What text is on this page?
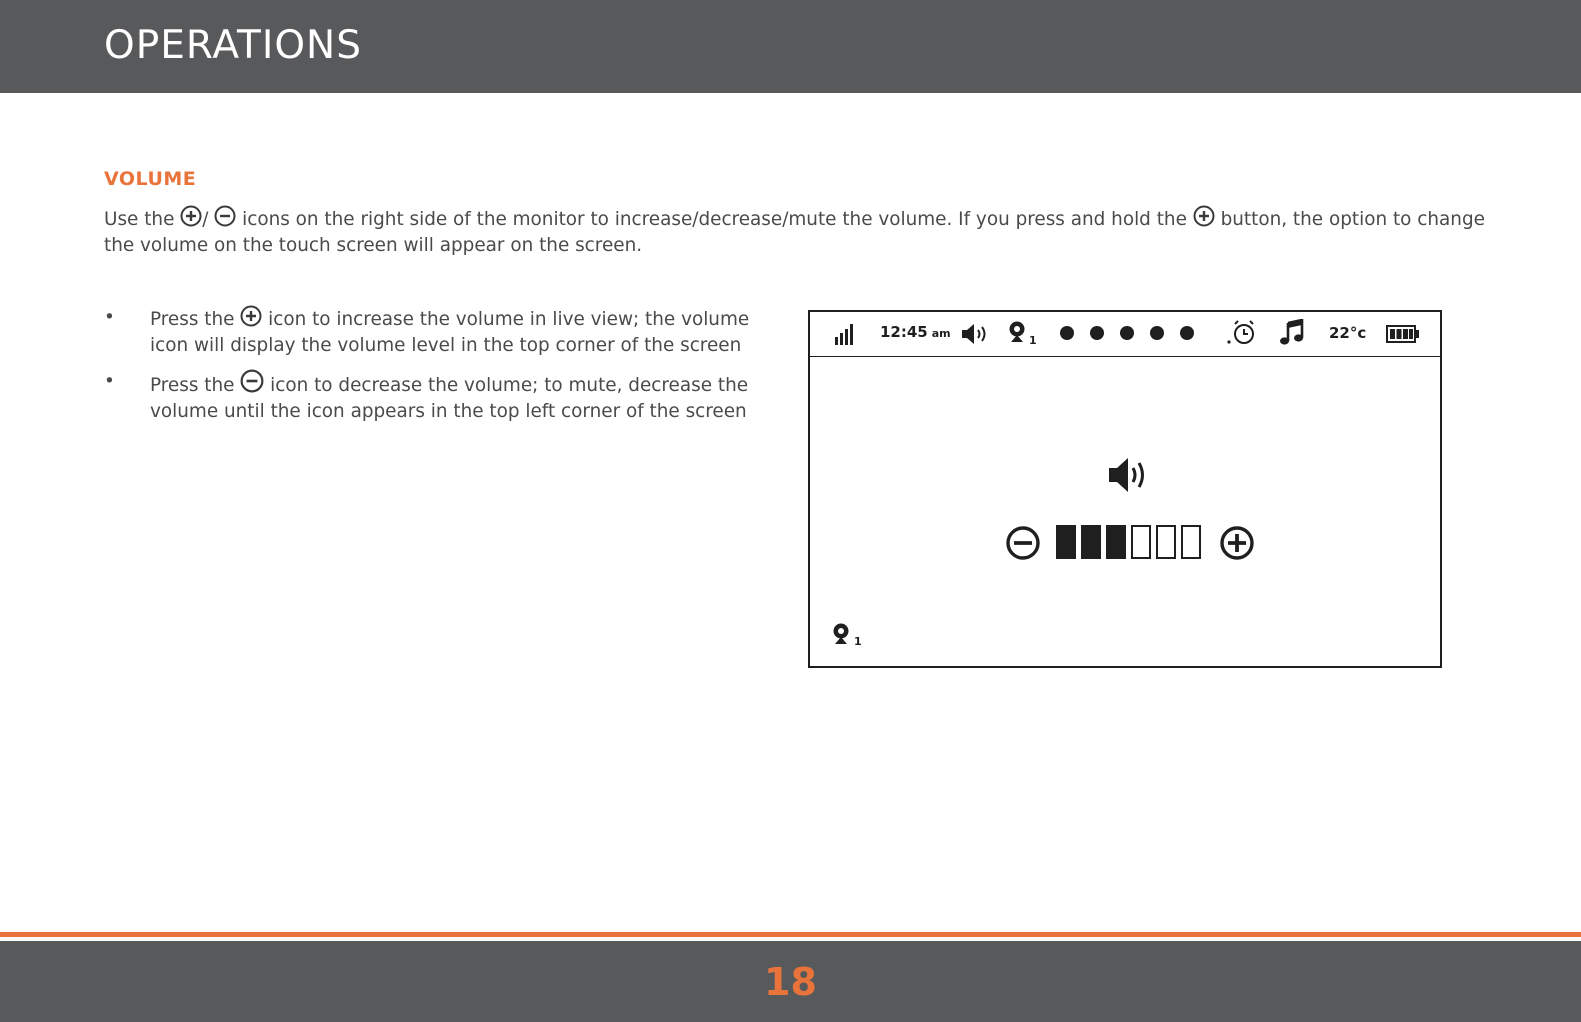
OPERATIONS
VOLUME
Use the /  icons on the right side of the monitor to increase/decrease/mute the volume. If you press and hold the  button, the option to change the volume on the touch screen will appear on the screen.
• Press the  icon to increase the volume in live view; the volume icon will display the volume level in the top corner of the screen
• Press the  icon to decrease the volume; to mute, decrease the volume until the icon appears in the top left corner of the screen
12:45 am
1	22°c
1
18
